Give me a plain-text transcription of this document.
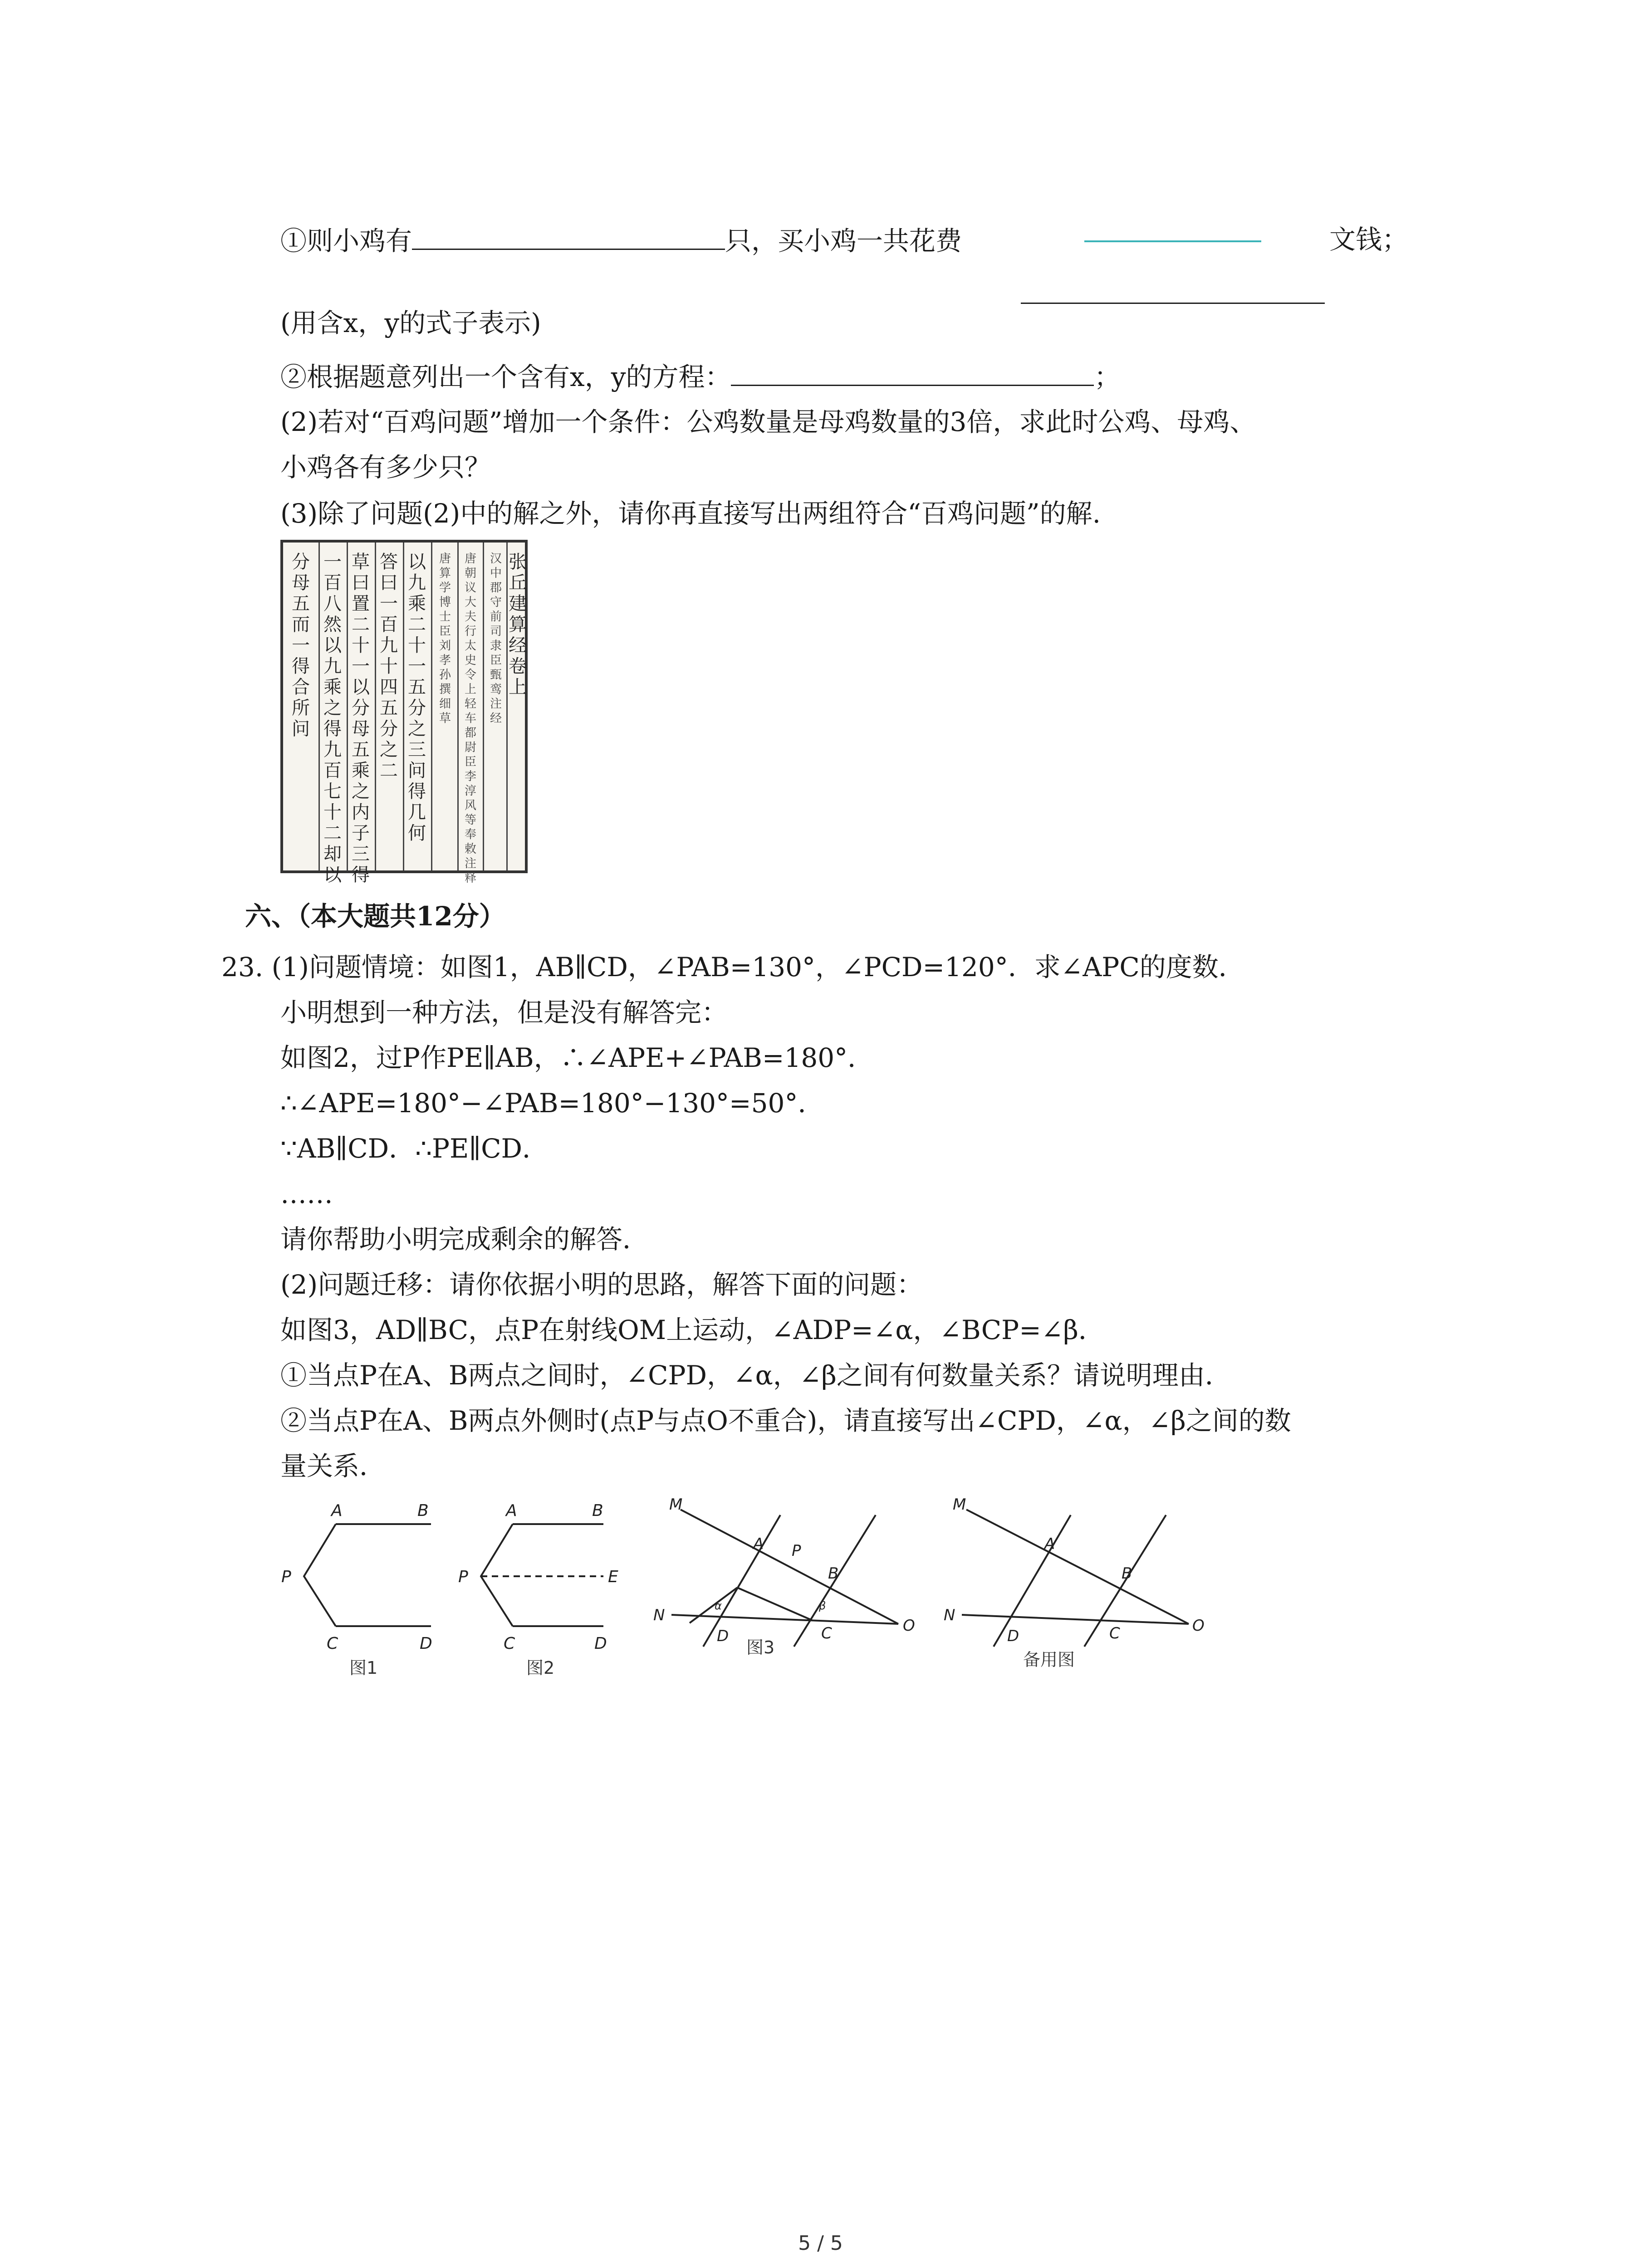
①则小鸡有	只，买小鸡一共花费	文钱；
(用含x，y的式子表示)
②根据题意列出一个含有x，y的方程：	；
(2)若对“百鸡问题”增加一个条件：公鸡数量是母鸡数量的3倍，求此时公鸡、母鸡、
小鸡各有多少只？
(3)除了问题(2)中的解之外，请你再直接写出两组符合“百鸡问题”的解.
分母五而一得合所问
一百八然以九乘之得九百七十二却以
草曰置二十一以分母五乘之内子三得
答曰一百九十四五分之二
以九乘二十一五分之三问得几何
唐算学博士臣刘孝孙撰细草
唐朝议大夫行太史令上轻车都尉臣李淳风等奉敕注释
汉中郡守前司隶臣甄鸾注经
张丘建算经卷上
六、（本大题共12分）
23. (1)问题情境：如图1，AB∥CD，∠PAB=130°，∠PCD=120°．求∠APC的度数．
小明想到一种方法，但是没有解答完：
如图2，过P作PE∥AB，∴∠APE+∠PAB=180°．
∴∠APE=180°−∠PAB=180°−130°=50°．
∵AB∥CD．∴PE∥CD．
……
请你帮助小明完成剩余的解答．
(2)问题迁移：请你依据小明的思路，解答下面的问题：
如图3，AD∥BC，点P在射线OM上运动，∠ADP=∠α，∠BCP=∠β．
①当点P在A、B两点之间时，∠CPD，∠α，∠β之间有何数量关系？请说明理由．
②当点P在A、B两点外侧时(点P与点O不重合)，请直接写出∠CPD，∠α，∠β之间的数
量关系．
A	B
P
C	D
图1
A	B
P	E
C	D
图2
M
A P
B
N
D	C	O
α	β
图3
M
A
B
N
D	C	O
备用图
5 / 5
